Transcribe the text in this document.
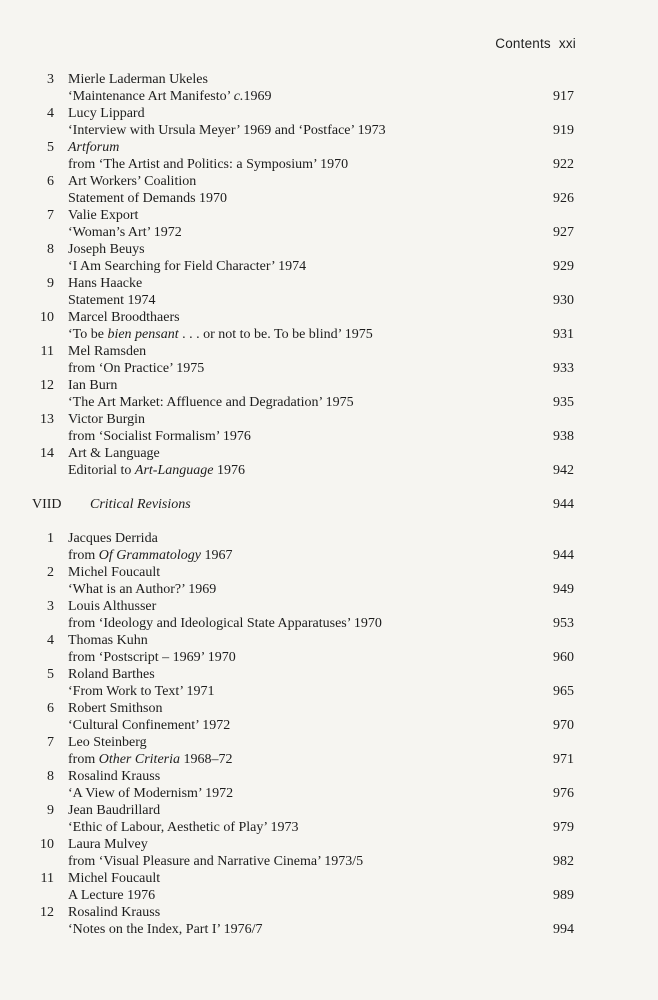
Contents xxi
3 Mierle Laderman Ukeles
‘Maintenance Art Manifesto’ c.1969	917
4 Lucy Lippard
‘Interview with Ursula Meyer’ 1969 and ‘Postface’ 1973	919
5 Artforum
from ‘The Artist and Politics: a Symposium’ 1970	922
6 Art Workers’ Coalition
Statement of Demands 1970	926
7 Valie Export
‘Woman’s Art’ 1972	927
8 Joseph Beuys
‘I Am Searching for Field Character’ 1974	929
9 Hans Haacke
Statement 1974	930
10 Marcel Broodthaers
‘To be bien pensant . . . or not to be. To be blind’ 1975	931
11 Mel Ramsden
from ‘On Practice’ 1975	933
12 Ian Burn
‘The Art Market: Affluence and Degradation’ 1975	935
13 Victor Burgin
from ‘Socialist Formalism’ 1976	938
14 Art & Language
Editorial to Art-Language 1976	942
VIID Critical Revisions	944
1 Jacques Derrida
from Of Grammatology 1967	944
2 Michel Foucault
‘What is an Author?’ 1969	949
3 Louis Althusser
from ‘Ideology and Ideological State Apparatuses’ 1970	953
4 Thomas Kuhn
from ‘Postscript – 1969’ 1970	960
5 Roland Barthes
‘From Work to Text’ 1971	965
6 Robert Smithson
‘Cultural Confinement’ 1972	970
7 Leo Steinberg
from Other Criteria 1968–72	971
8 Rosalind Krauss
‘A View of Modernism’ 1972	976
9 Jean Baudrillard
‘Ethic of Labour, Aesthetic of Play’ 1973	979
10 Laura Mulvey
from ‘Visual Pleasure and Narrative Cinema’ 1973/5	982
11 Michel Foucault
A Lecture 1976	989
12 Rosalind Krauss
‘Notes on the Index, Part I’ 1976/7	994
